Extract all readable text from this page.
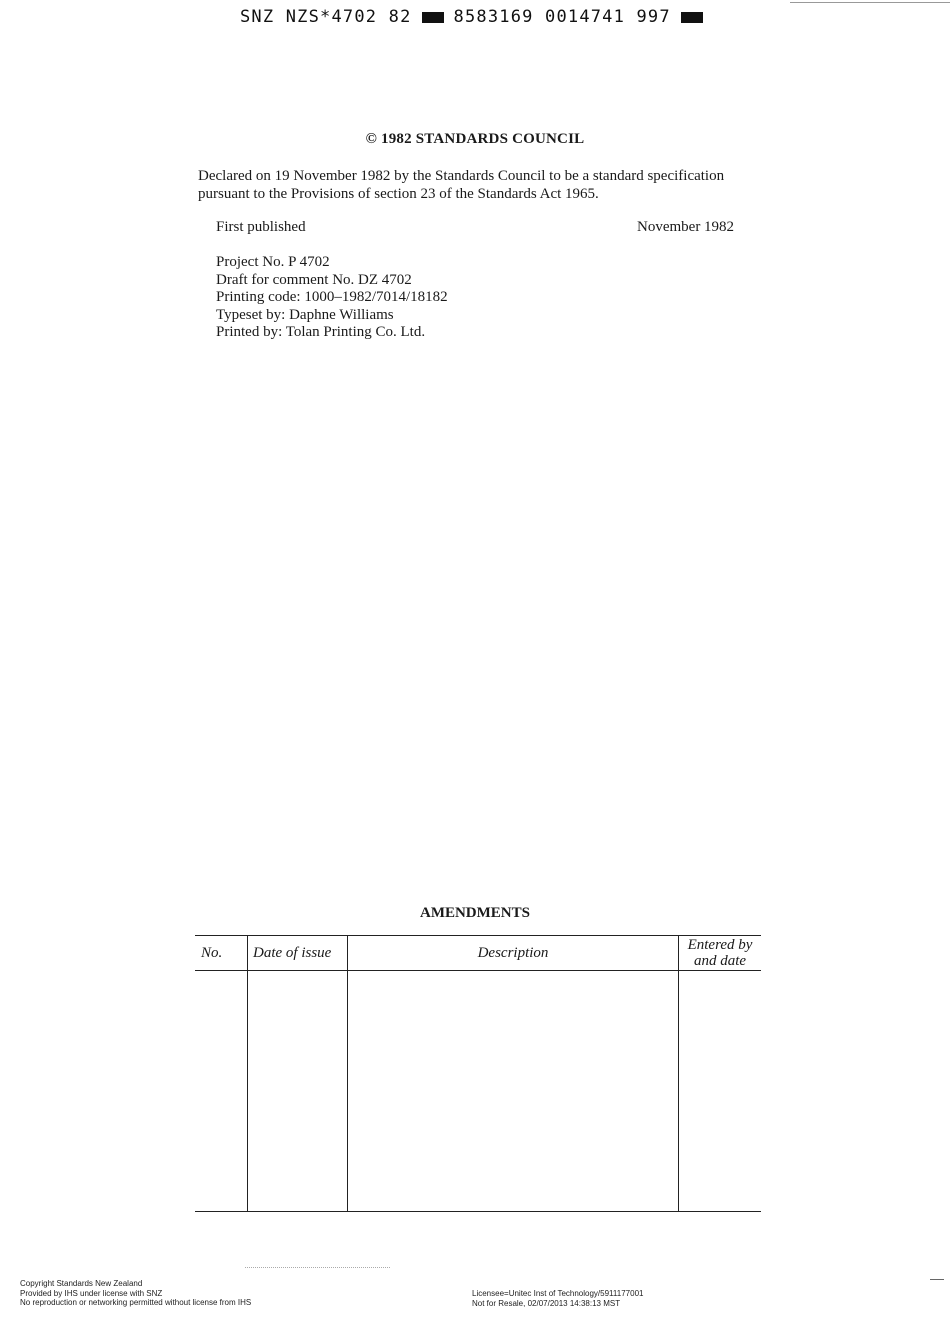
SNZ NZS*4702 82 8583169 0014741 997
© 1982 STANDARDS COUNCIL
Declared on 19 November 1982 by the Standards Council to be a standard specification pursuant to the Provisions of section 23 of the Standards Act 1965.
First published	November 1982
Project No. P 4702
Draft for comment No. DZ 4702
Printing code: 1000–1982/7014/18182
Typeset by: Daphne Williams
Printed by: Tolan Printing Co. Ltd.
AMENDMENTS
No.	Date of issue	Description	Entered by
and date

Copyright Standards New Zealand
Provided by IHS under license with SNZ
No reproduction or networking permitted without license from IHS
Licensee=Unitec Inst of Technology/5911177001
Not for Resale, 02/07/2013 14:38:13 MST
